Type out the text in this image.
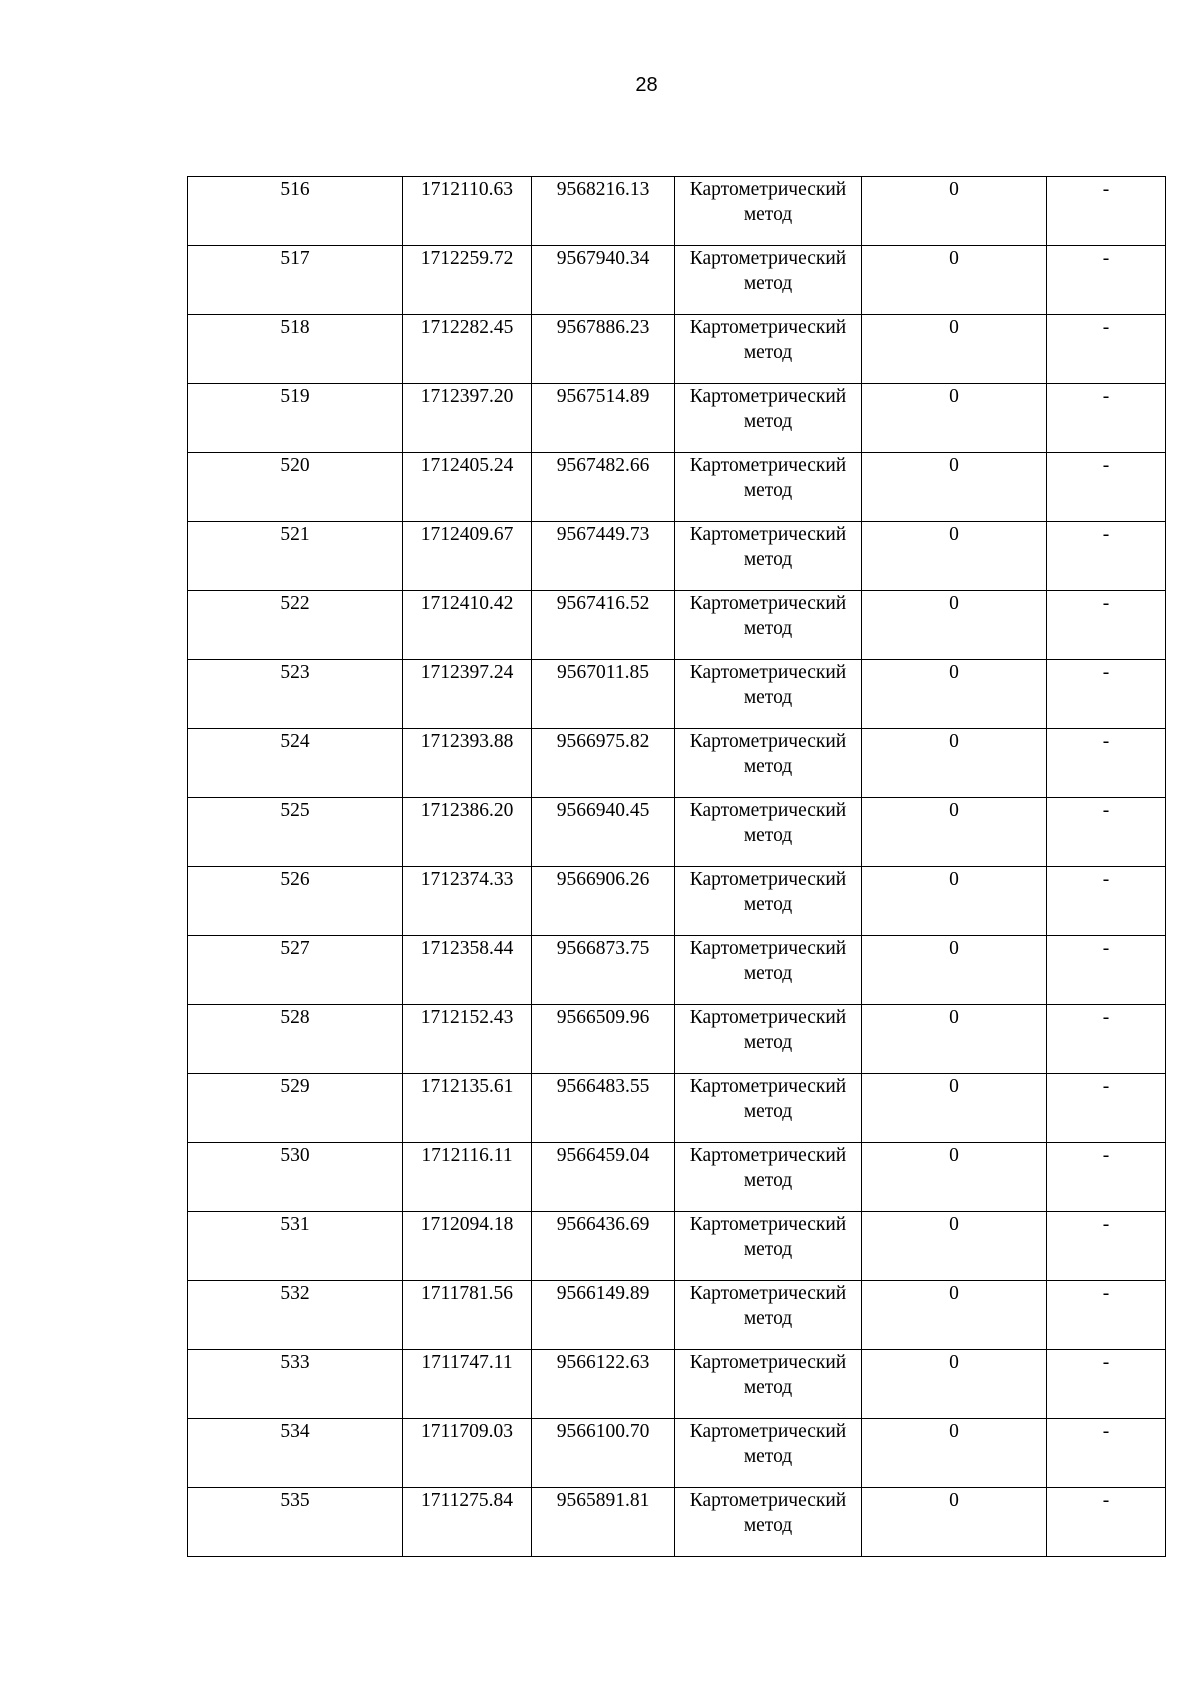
28
516	1712110.63	9568216.13	Картометрический
метод	0	-
517	1712259.72	9567940.34	Картометрический
метод	0	-
518	1712282.45	9567886.23	Картометрический
метод	0	-
519	1712397.20	9567514.89	Картометрический
метод	0	-
520	1712405.24	9567482.66	Картометрический
метод	0	-
521	1712409.67	9567449.73	Картометрический
метод	0	-
522	1712410.42	9567416.52	Картометрический
метод	0	-
523	1712397.24	9567011.85	Картометрический
метод	0	-
524	1712393.88	9566975.82	Картометрический
метод	0	-
525	1712386.20	9566940.45	Картометрический
метод	0	-
526	1712374.33	9566906.26	Картометрический
метод	0	-
527	1712358.44	9566873.75	Картометрический
метод	0	-
528	1712152.43	9566509.96	Картометрический
метод	0	-
529	1712135.61	9566483.55	Картометрический
метод	0	-
530	1712116.11	9566459.04	Картометрический
метод	0	-
531	1712094.18	9566436.69	Картометрический
метод	0	-
532	1711781.56	9566149.89	Картометрический
метод	0	-
533	1711747.11	9566122.63	Картометрический
метод	0	-
534	1711709.03	9566100.70	Картометрический
метод	0	-
535	1711275.84	9565891.81	Картометрический
метод	0	-
